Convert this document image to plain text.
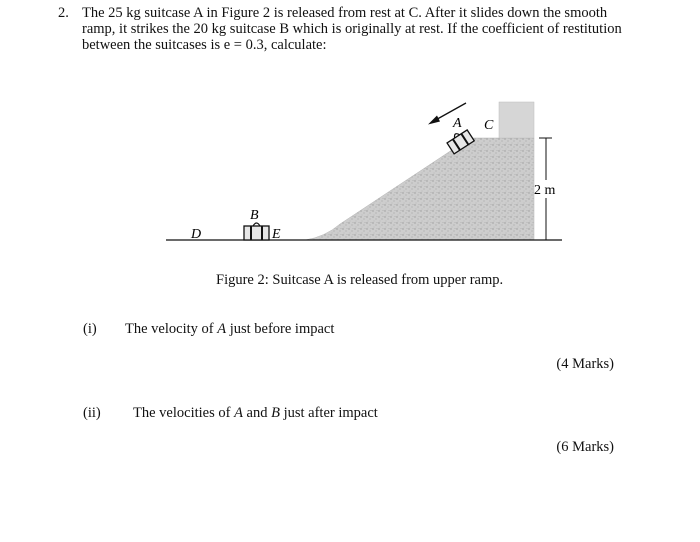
2. The 25 kg suitcase A in Figure 2 is released from rest at C. After it slides down the smooth
ramp, it strikes the 20 kg suitcase B which is originally at rest. If the coefficient of restitution
between the suitcases is e = 0.3, calculate:
2 m
A C
B
D	E
Figure 2: Suitcase A is released from upper ramp.
(i) The velocity of A just before impact
(4 Marks)
(ii) The velocities of A and B just after impact
(6 Marks)
